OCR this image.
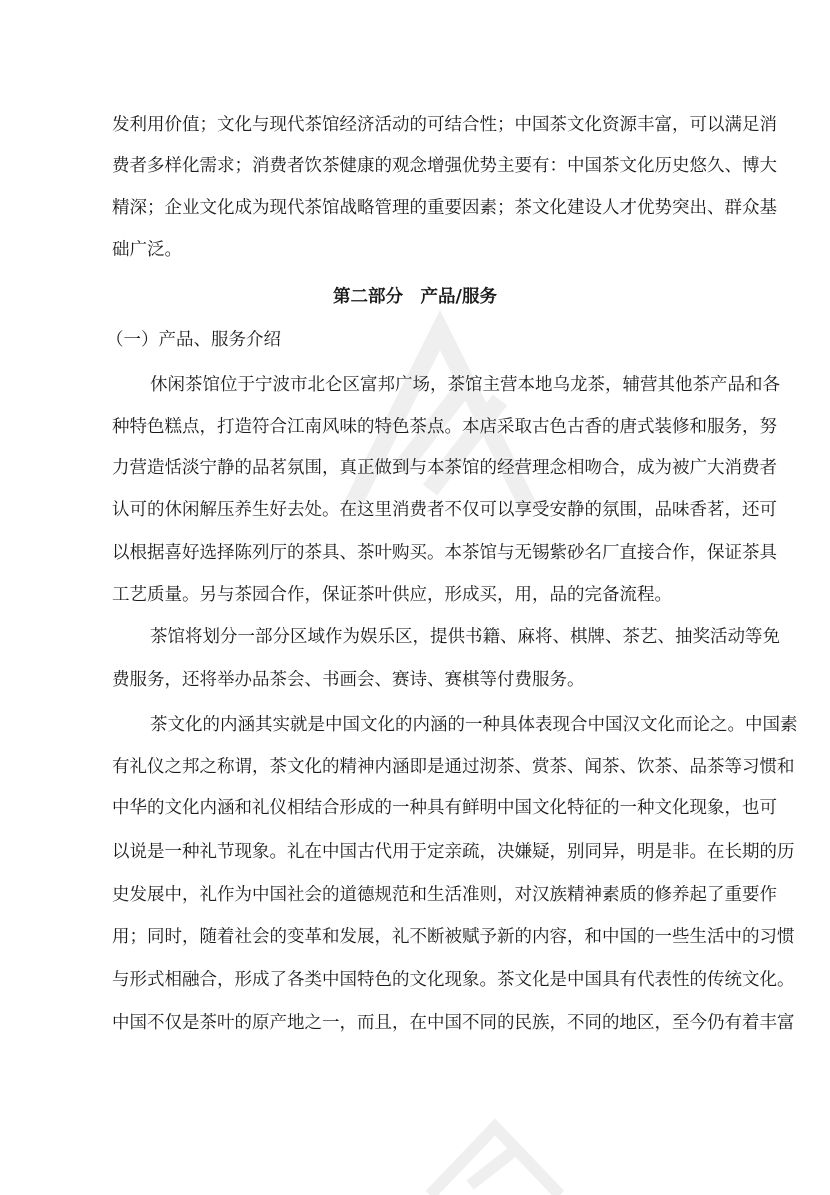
发利用价值；文化与现代茶馆经济活动的可结合性；中国茶文化资源丰富，可以满足消
费者多样化需求；消费者饮茶健康的观念增强优势主要有：中国茶文化历史悠久、博大
精深；企业文化成为现代茶馆战略管理的重要因素；茶文化建设人才优势突出、群众基
础广泛。
第二部分　产品/服务
（一）产品、服务介绍
休闲茶馆位于宁波市北仑区富邦广场，茶馆主营本地乌龙茶，辅营其他茶产品和各
种特色糕点，打造符合江南风味的特色茶点。本店采取古色古香的唐式装修和服务，努
力营造恬淡宁静的品茗氛围，真正做到与本茶馆的经营理念相吻合，成为被广大消费者
认可的休闲解压养生好去处。在这里消费者不仅可以享受安静的氛围，品味香茗，还可
以根据喜好选择陈列厅的茶具、茶叶购买。本茶馆与无锡紫砂名厂直接合作，保证茶具
工艺质量。另与茶园合作，保证茶叶供应，形成买，用，品的完备流程。
茶馆将划分一部分区域作为娱乐区，提供书籍、麻将、棋牌、茶艺、抽奖活动等免
费服务，还将举办品茶会、书画会、赛诗、赛棋等付费服务。
茶文化的内涵其实就是中国文化的内涵的一种具体表现合中国汉文化而论之。中国素
有礼仪之邦之称谓，茶文化的精神内涵即是通过沏茶、赏茶、闻茶、饮茶、品茶等习惯和
中华的文化内涵和礼仪相结合形成的一种具有鲜明中国文化特征的一种文化现象，也可
以说是一种礼节现象。礼在中国古代用于定亲疏，决嫌疑，别同异，明是非。在长期的历
史发展中，礼作为中国社会的道德规范和生活准则，对汉族精神素质的修养起了重要作
用；同时，随着社会的变革和发展，礼不断被赋予新的内容，和中国的一些生活中的习惯
与形式相融合，形成了各类中国特色的文化现象。茶文化是中国具有代表性的传统文化。
中国不仅是茶叶的原产地之一，而且，在中国不同的民族，不同的地区，至今仍有着丰富
